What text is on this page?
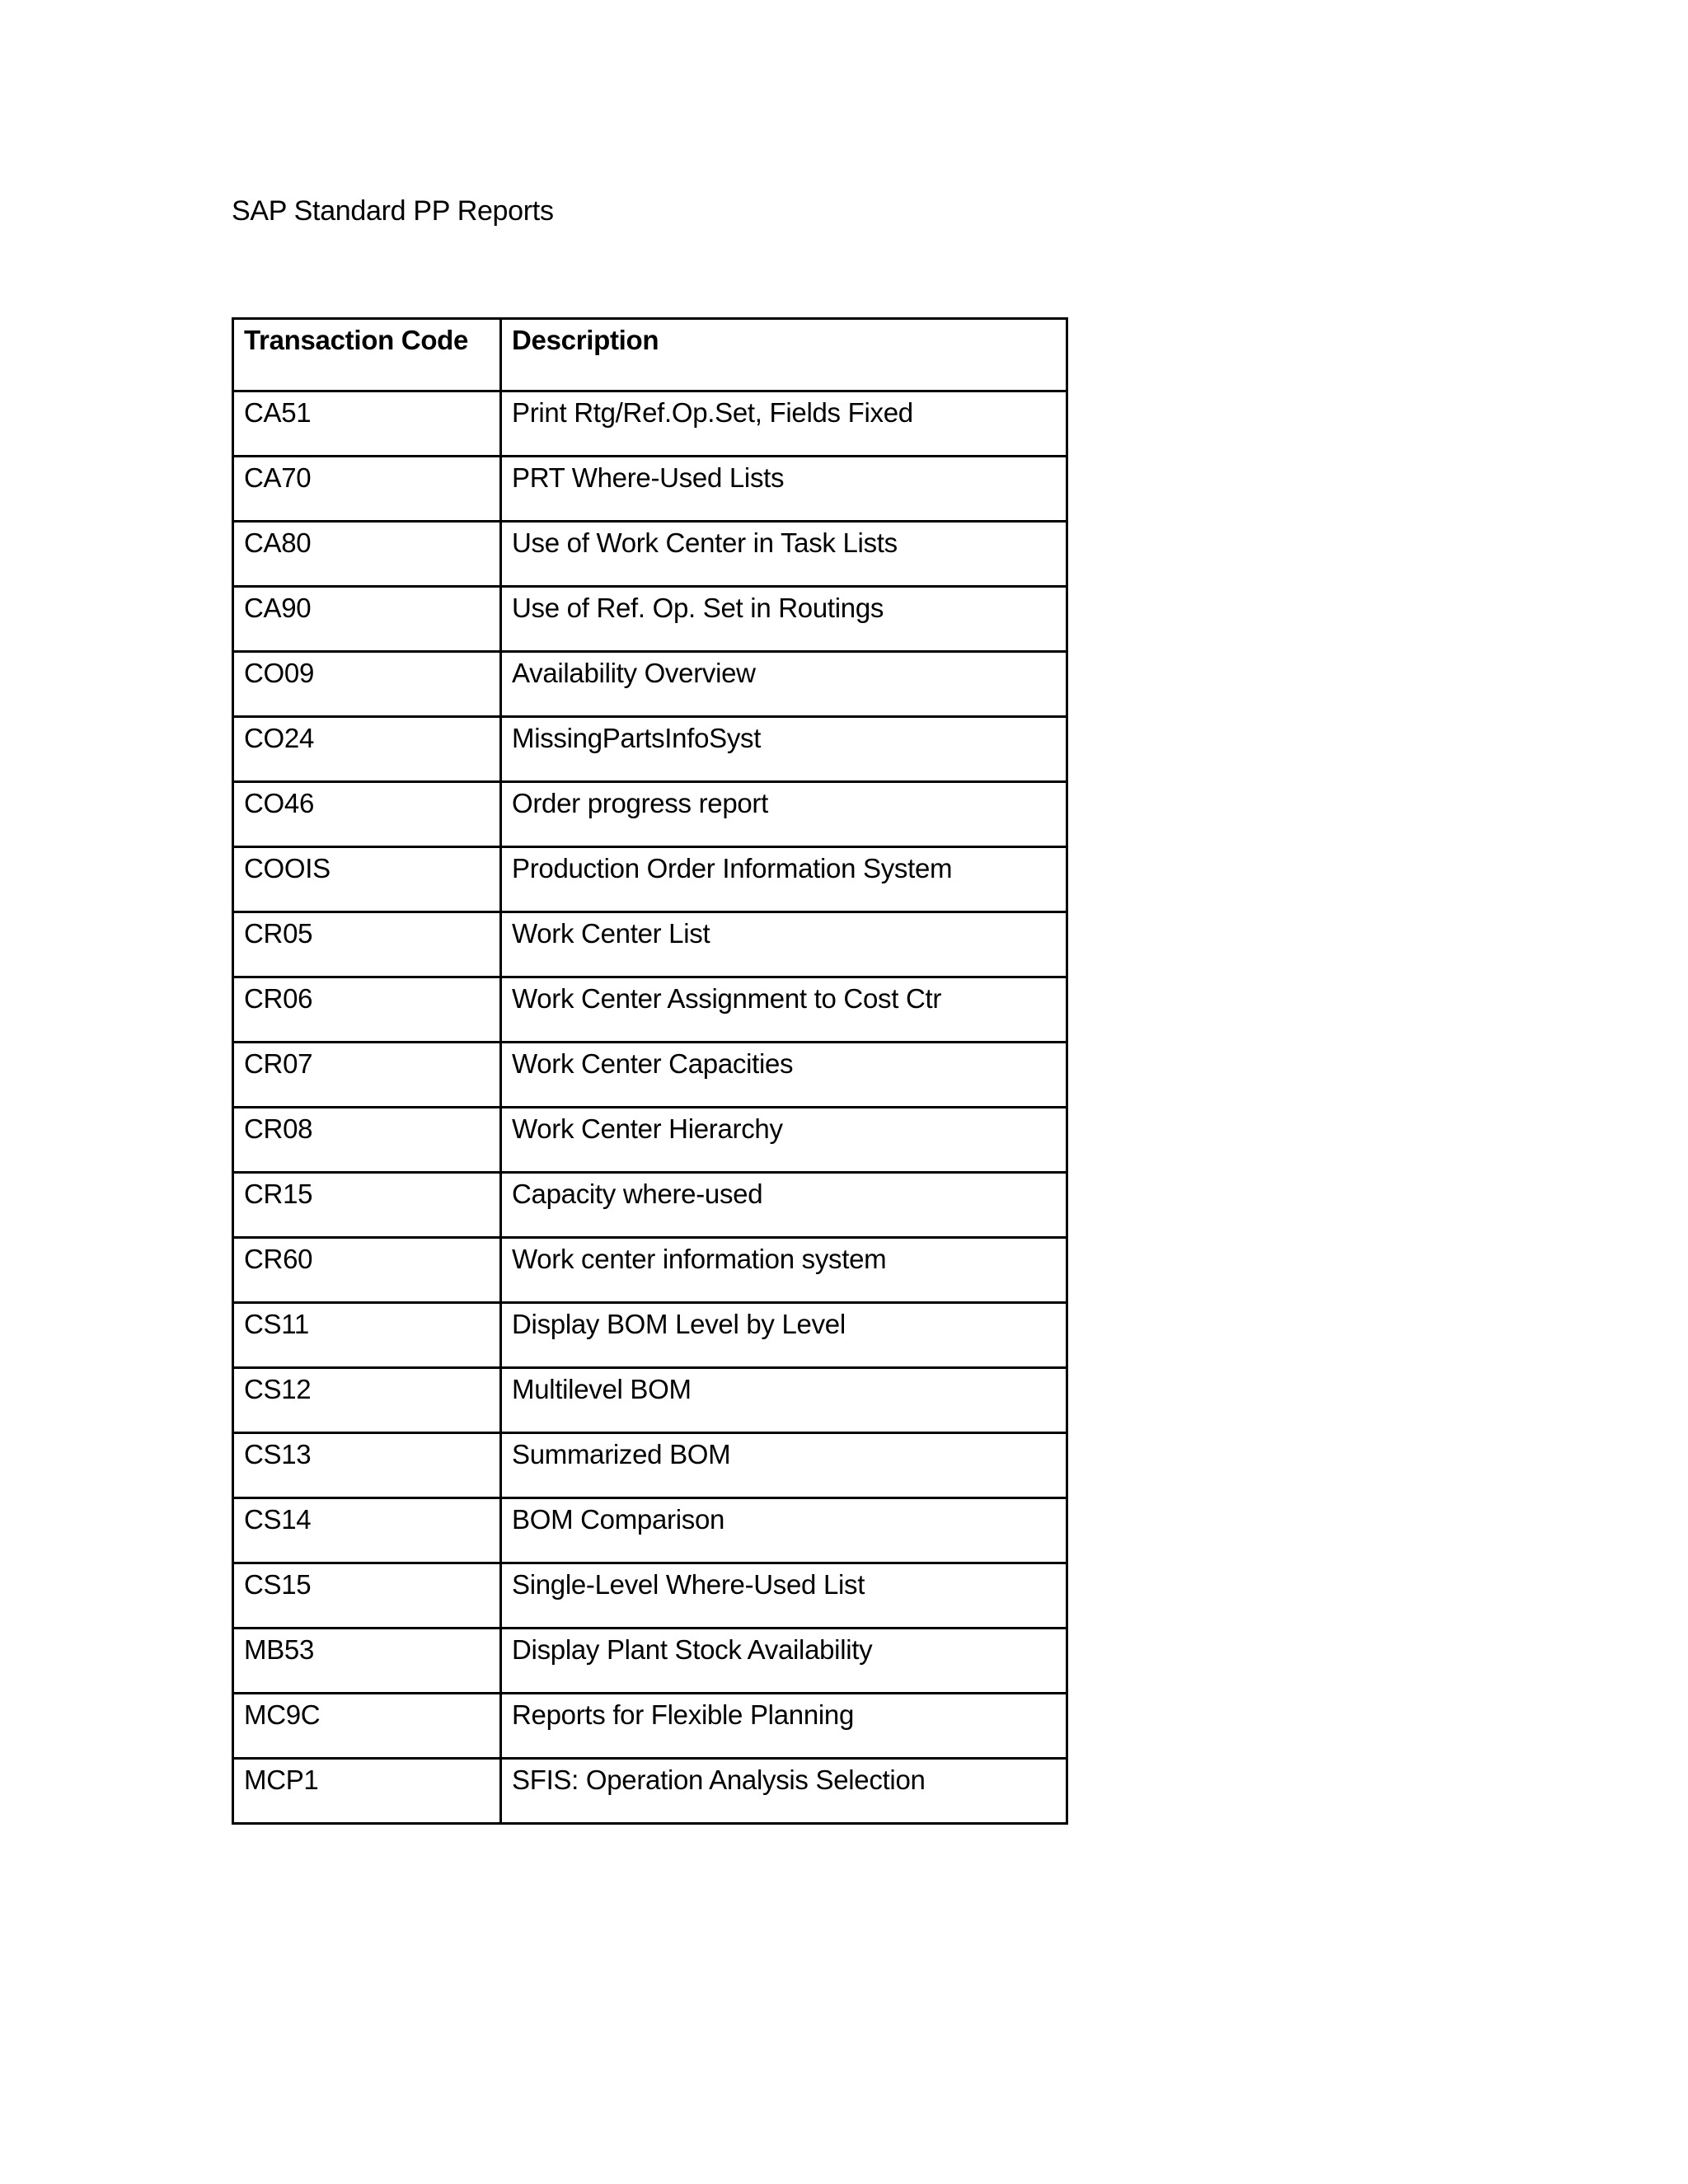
SAP Standard PP Reports
Transaction Code	Description
CA51	Print Rtg/Ref.Op.Set, Fields Fixed
CA70	PRT Where-Used Lists
CA80	Use of Work Center in Task Lists
CA90	Use of Ref. Op. Set in Routings
CO09	Availability Overview
CO24	MissingPartsInfoSyst
CO46	Order progress report
COOIS	Production Order Information System
CR05	Work Center List
CR06	Work Center Assignment to Cost Ctr
CR07	Work Center Capacities
CR08	Work Center Hierarchy
CR15	Capacity where-used
CR60	Work center information system
CS11	Display BOM Level by Level
CS12	Multilevel BOM
CS13	Summarized BOM
CS14	BOM Comparison
CS15	Single-Level Where-Used List
MB53	Display Plant Stock Availability
MC9C	Reports for Flexible Planning
MCP1	SFIS: Operation Analysis Selection
